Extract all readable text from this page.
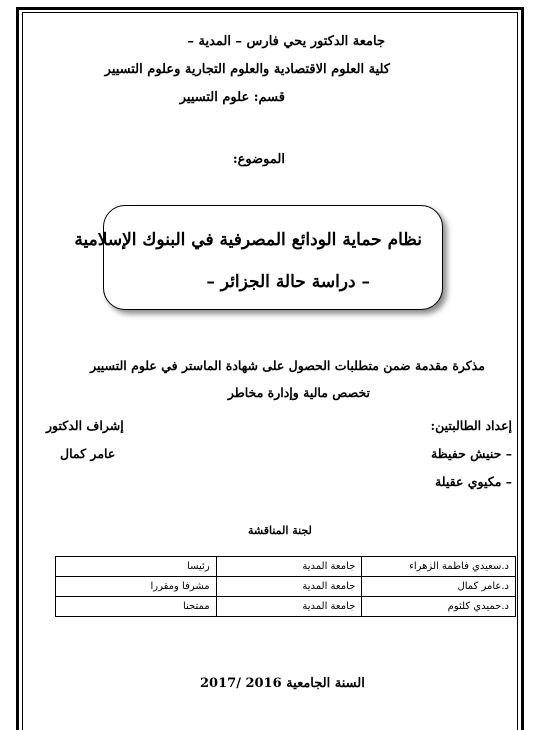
جامعة الدكتور يحي فارس – المدية –
كلية العلوم الاقتصادية والعلوم التجارية وعلوم التسيير
قسم: علوم التسيير
الموضوع:
نظام حماية الودائع المصرفية في البنوك الإسلامية
– دراسة حالة الجزائر –
مذكرة مقدمة ضمن متطلبات الحصول على شهادة الماستر في علوم التسيير
تخصص مالية وإدارة مخاطر
إعداد الطالبتين:
– حنيش حفيظة
– مكيوي عقيلة
إشراف الدكتور
عامر كمال
لجنة المناقشة
د.سعيدي فاطمة الزهراء	جامعة المدية	رئيسا
د.عامر كمال	جامعة المدية	مشرفا ومقررا
د.حميدي كلثوم	جامعة المدية	ممتحنا
السنة الجامعية 2016 /2017
